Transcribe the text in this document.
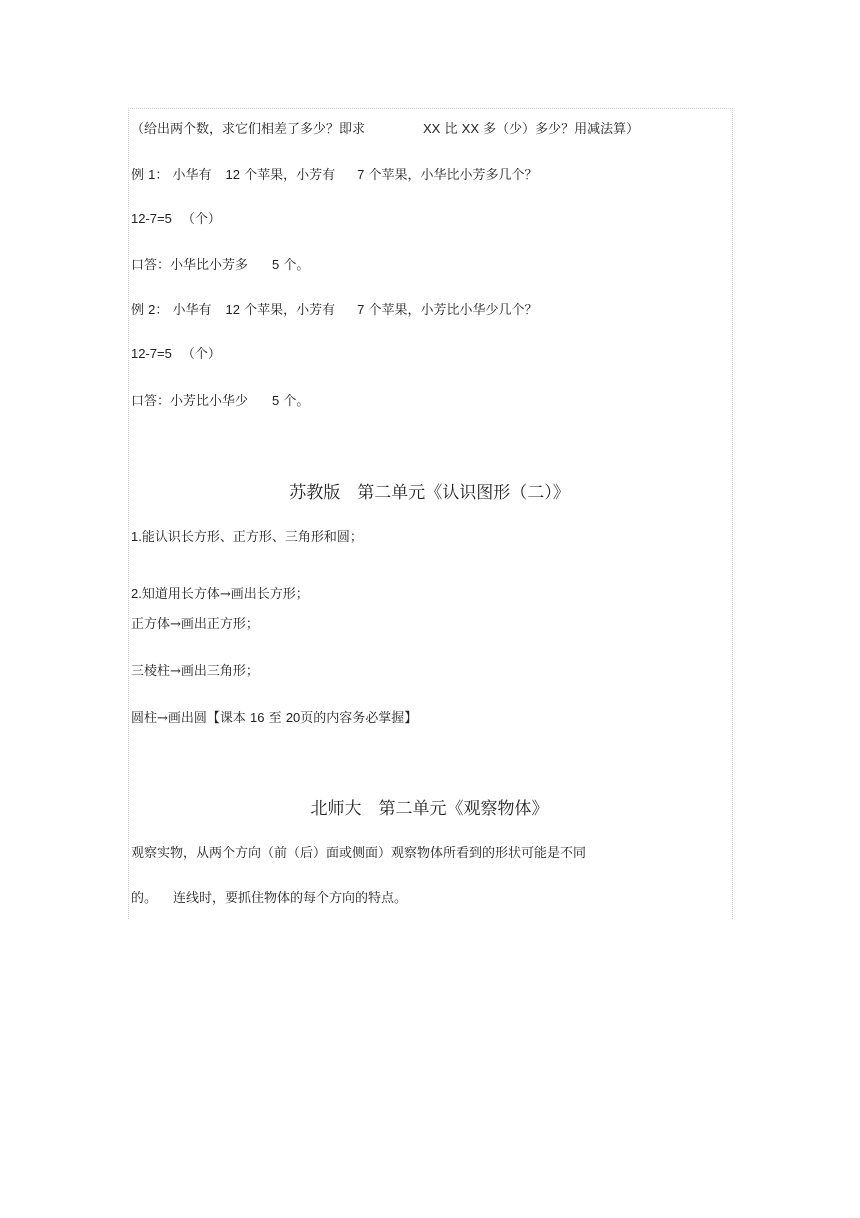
（给出两个数，求它们相差了多少？即求	XX 比 XX 多（少）多少？用减法算）
例 1： 小华有 12 个苹果，小芳有 7 个苹果，小华比小芳多几个？
12-7=5 （个）
口答：小华比小芳多 5 个。
例 2： 小华有 12 个苹果，小芳有 7 个苹果，小芳比小华少几个？
12-7=5 （个）
口答：小芳比小华少 5 个。
苏教版　第二单元《认识图形（二）》
1.能认识长方形、正方形、三角形和圆；
2.知道用长方体→画出长方形；
正方体→画出正方形；
三棱柱→画出三角形；
圆柱→画出圆【课本 16 至 20页的内容务必掌握】
北师大　第二单元《观察物体》
观察实物，从两个方向（前（后）面或侧面）观察物体所看到的形状可能是不同
的。 连线时，要抓住物体的每个方向的特点。
